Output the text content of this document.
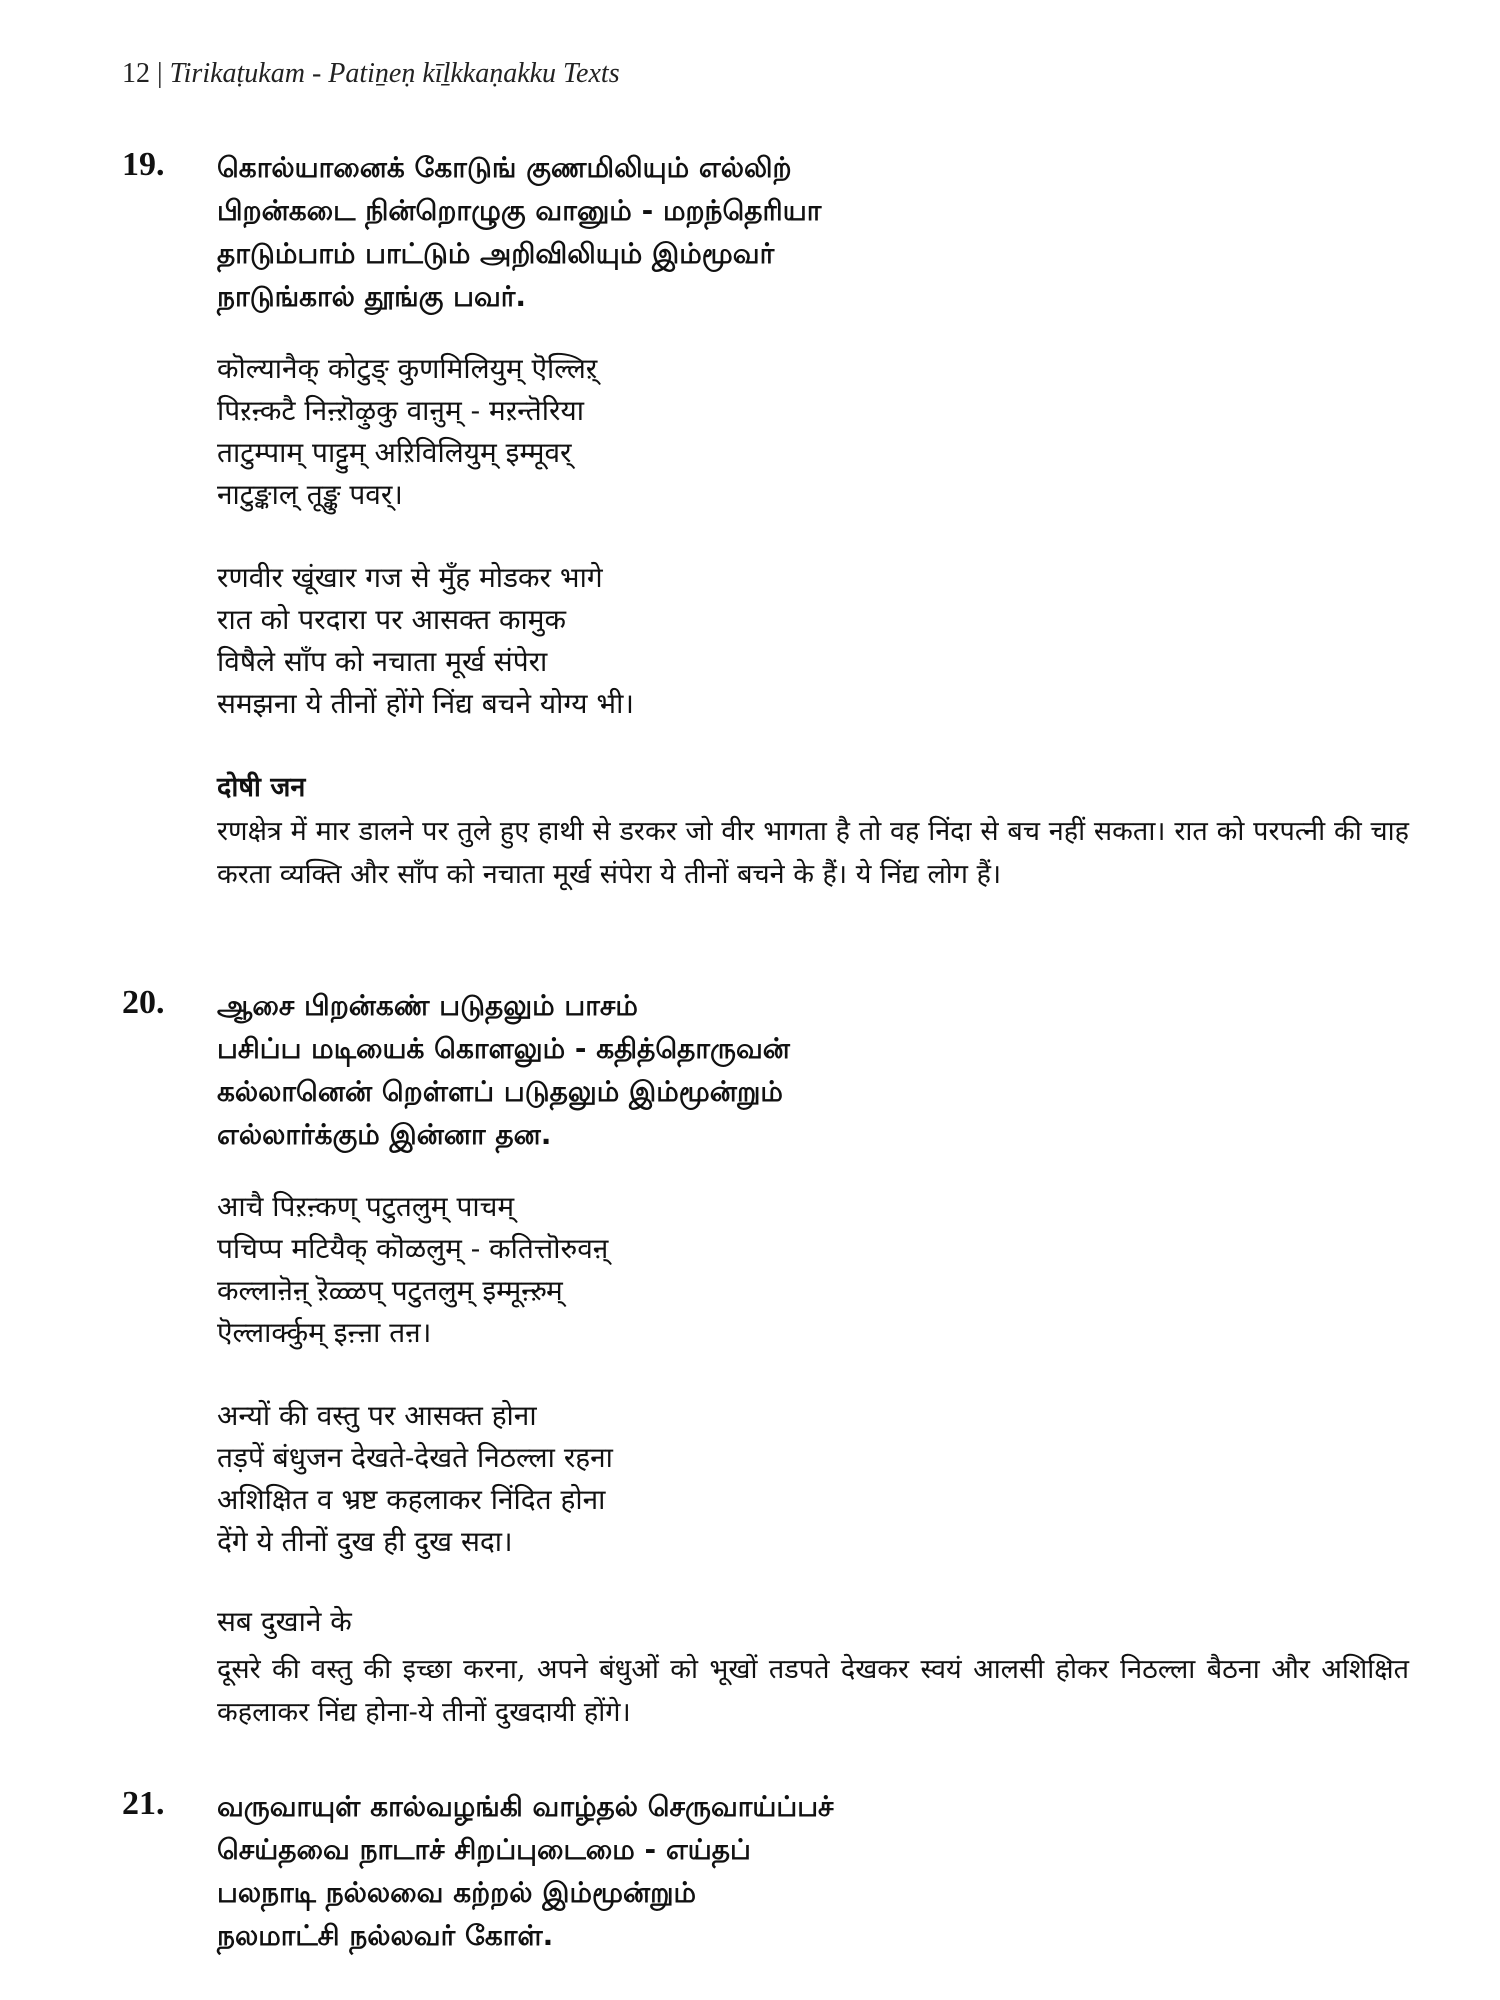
12 | Tirikaṭukam - Patiṉeṇ kīḻkkaṇakku Texts
19. கொல்யானைக் கோடுங் குணமிலியும் எல்லிற்
பிறன்கடை நின்றொழுகு வானும் - மறந்தெரியா
தாடும்பாம் பாட்டும் அறிவிலியும் இம்மூவர்
நாடுங்கால் தூங்கு பவர்.
कॊल्यानैक् कोटुङ् कुणमिलियुम् ऎल्लिऱ्
पिऱऩ्कटै निऩ्ऱॊऴुकु वाऩुम् - मऱन्तॆरिया
ताटुम्पाम् पाट्टुम् अऱिविलियुम् इम्मूवर्
नाटुङ्काल् तूङ्कु पवर्।
रणवीर खूंखार गज से मुँह मोडकर भागे
रात को परदारा पर आसक्त कामुक
विषैले साँप को नचाता मूर्ख संपेरा
समझना ये तीनों होंगे निंद्य बचने योग्य भी।
दोषी जन
रणक्षेत्र में मार डालने पर तुले हुए हाथी से डरकर जो वीर भागता है तो वह निंदा से बच नहीं सकता। रात को परपत्नी की चाह करता व्यक्ति और साँप को नचाता मूर्ख संपेरा ये तीनों बचने के हैं। ये निंद्य लोग हैं।
20. ஆசை பிறன்கண் படுதலும் பாசம்
பசிப்ப மடியைக் கொளலும் - கதித்தொருவன்
கல்லானென் றெள்ளப் படுதலும் இம்மூன்றும்
எல்லார்க்கும் இன்னா தன.
आचै पिऱऩ्कण् पटुतलुम् पाचम्
पचिप्प मटियैक् कॊळलुम् - कतित्तॊरुवऩ्
कल्लाऩॆऩ् ऱॆळ्ळप् पटुतलुम् इम्मूऩ्ऱुम्
ऎल्लार्क्कुम् इऩ्ऩा तऩ।
अन्यों की वस्तु पर आसक्त होना
तड़पें बंधुजन देखते-देखते निठल्ला रहना
अशिक्षित व भ्रष्ट कहलाकर निंदित होना
देंगे ये तीनों दुख ही दुख सदा।
सब दुखाने के
दूसरे की वस्तु की इच्छा करना, अपने बंधुओं को भूखों तडपते देखकर स्वयं आलसी होकर निठल्ला बैठना और अशिक्षित कहलाकर निंद्य होना-ये तीनों दुखदायी होंगे।
21. வருவாயுள் கால்வழங்கி வாழ்தல் செருவாய்ப்பச்
செய்தவை நாடாச் சிறப்புடைமை - எய்தப்
பலநாடி நல்லவை கற்றல் இம்மூன்றும்
நலமாட்சி நல்லவர் கோள்.
